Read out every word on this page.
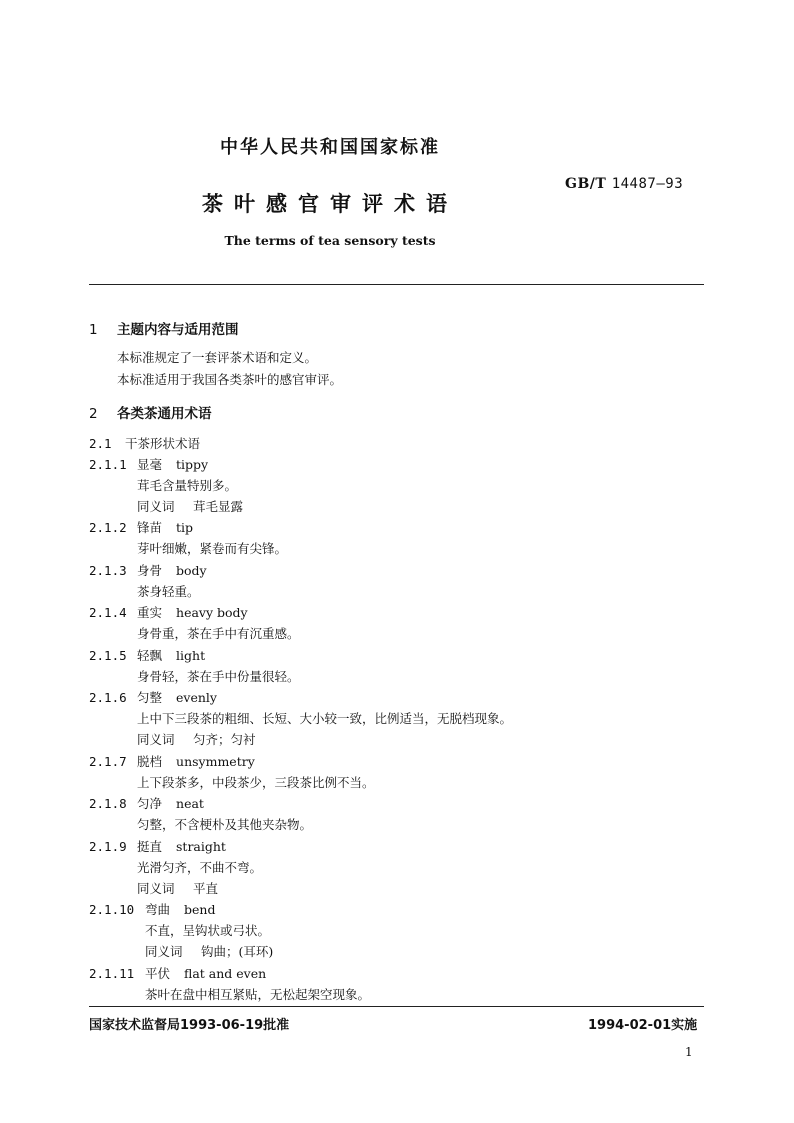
中华人民共和国国家标准
GB/T 14487—93
茶叶感官审评术语
The terms of tea sensory tests
1 主题内容与适用范围
本标准规定了一套评茶术语和定义。
本标准适用于我国各类茶叶的感官审评。
2 各类茶通用术语
2.1 干茶形状术语
2.1.1 显毫 tippy
茸毛含量特别多。
同义词 茸毛显露
2.1.2 锋苗 tip
芽叶细嫩，紧卷而有尖锋。
2.1.3 身骨 body
茶身轻重。
2.1.4 重实 heavy body
身骨重，茶在手中有沉重感。
2.1.5 轻飘 light
身骨轻，茶在手中份量很轻。
2.1.6 匀整 evenly
上中下三段茶的粗细、长短、大小较一致，比例适当，无脱档现象。
同义词 匀齐；匀衬
2.1.7 脱档 unsymmetry
上下段茶多，中段茶少，三段茶比例不当。
2.1.8 匀净 neat
匀整，不含梗朴及其他夹杂物。
2.1.9 挺直 straight
光滑匀齐，不曲不弯。
同义词 平直
2.1.10 弯曲 bend
不直，呈钩状或弓状。
同义词 钩曲；(耳环)
2.1.11 平伏 flat and even
茶叶在盘中相互紧贴，无松起架空现象。
国家技术监督局1993-06-19批准	1994-02-01实施
1
